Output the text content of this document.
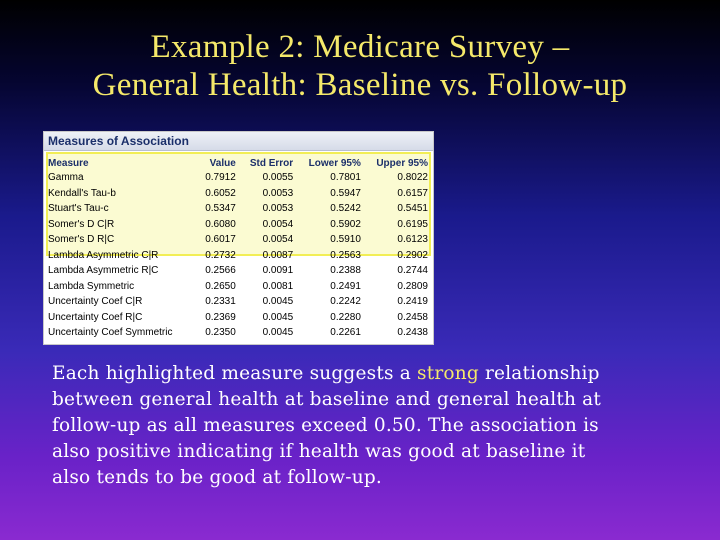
Example 2: Medicare Survey –
General Health: Baseline vs. Follow-up
Measures of Association
Measure	Value	Std Error	Lower 95%	Upper 95%
Gamma	0.7912	0.0055	0.7801	0.8022
Kendall's Tau-b	0.6052	0.0053	0.5947	0.6157
Stuart's Tau-c	0.5347	0.0053	0.5242	0.5451
Somer's D C|R	0.6080	0.0054	0.5902	0.6195
Somer's D R|C	0.6017	0.0054	0.5910	0.6123
Lambda Asymmetric C|R	0.2732	0.0087	0.2563	0.2902
Lambda Asymmetric R|C	0.2566	0.0091	0.2388	0.2744
Lambda Symmetric	0.2650	0.0081	0.2491	0.2809
Uncertainty Coef C|R	0.2331	0.0045	0.2242	0.2419
Uncertainty Coef R|C	0.2369	0.0045	0.2280	0.2458
Uncertainty Coef Symmetric	0.2350	0.0045	0.2261	0.2438
Each highlighted measure suggests a strong relationship
between general health at baseline and general health at
follow-up as all measures exceed 0.50. The association is
also positive indicating if health was good at baseline it
also tends to be good at follow-up.
